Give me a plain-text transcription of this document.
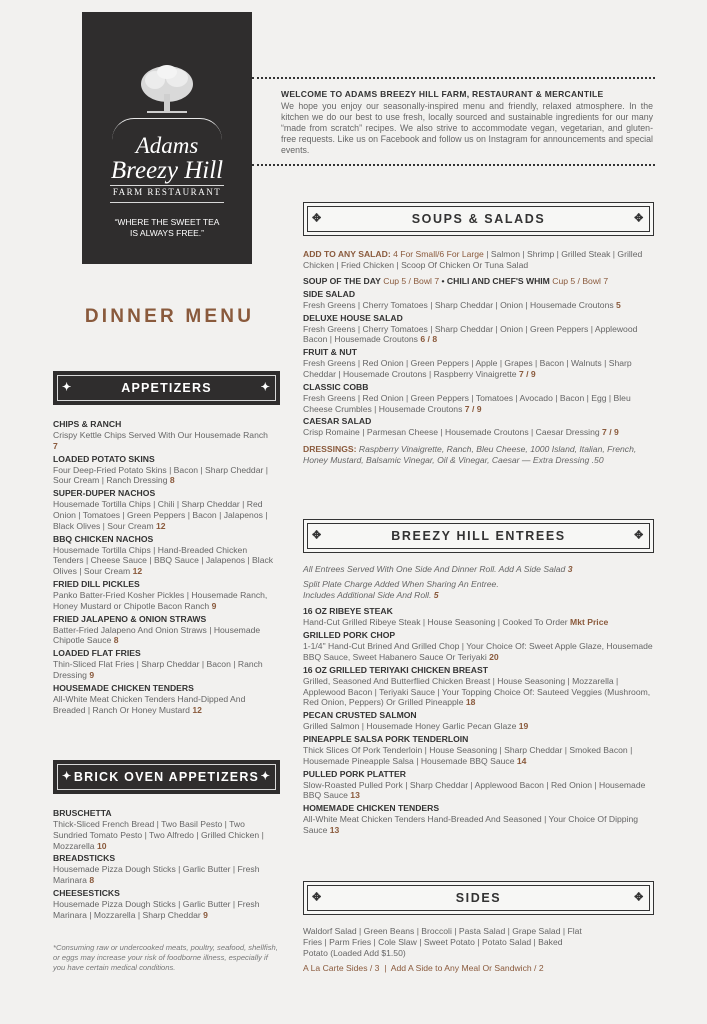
Adams
Breezy Hill
FARM RESTAURANT
“WHERE THE SWEET TEA
IS ALWAYS FREE.”
WELCOME TO ADAMS BREEZY HILL FARM, RESTAURANT & MERCANTILE
We hope you enjoy our seasonally-inspired menu and friendly, relaxed atmosphere. In the kitchen we do our best to use fresh, locally sourced and sustainable ingredients for our many “made from scratch” recipes. We also strive to accommodate vegan, vegetarian, and gluten-free requests. Like us on Facebook and follow us on Instagram for announcements and special events.
DINNER MENU
✦	APPETIZERS	✦
CHIPS & RANCH
Crispy Kettle Chips Served With Our Housemade Ranch 7
LOADED POTATO SKINS
Four Deep-Fried Potato Skins | Bacon | Sharp Cheddar | Sour Cream | Ranch Dressing 8
SUPER-DUPER NACHOS
Housemade Tortilla Chips | Chili | Sharp Cheddar | Red Onion | Tomatoes | Green Peppers | Bacon | Jalapenos | Black Olives | Sour Cream 12
BBQ CHICKEN NACHOS
Housemade Tortilla Chips | Hand-Breaded Chicken Tenders | Cheese Sauce | BBQ Sauce | Jalapenos | Black Olives | Sour Cream 12
FRIED DILL PICKLES
Panko Batter-Fried Kosher Pickles | Housemade Ranch, Honey Mustard or Chipotle Bacon Ranch 9
FRIED JALAPENO & ONION STRAWS
Batter-Fried Jalapeno And Onion Straws | Housemade Chipotle Sauce 8
LOADED FLAT FRIES
Thin-Sliced Flat Fries | Sharp Cheddar | Bacon | Ranch Dressing 9
HOUSEMADE CHICKEN TENDERS
All-White Meat Chicken Tenders Hand-Dipped And Breaded | Ranch Or Honey Mustard 12
✦ BRICK OVEN APPETIZERS ✦
BRUSCHETTA
Thick-Sliced French Bread | Two Basil Pesto | Two Sundried Tomato Pesto | Two Alfredo | Grilled Chicken | Mozzarella 10
BREADSTICKS
Housemade Pizza Dough Sticks | Garlic Butter | Fresh Marinara 8
CHEESESTICKS
Housemade Pizza Dough Sticks | Garlic Butter | Fresh Marinara | Mozzarella | Sharp Cheddar 9
*Consuming raw or undercooked meats, poultry, seafood, shellfish, or eggs may increase your risk of foodborne illness, especially if you have certain medical conditions.
✥	SOUPS & SALADS	✥
ADD TO ANY SALAD: 4 For Small/6 For Large | Salmon | Shrimp | Grilled Steak | Grilled Chicken | Fried Chicken | Scoop Of Chicken Or Tuna Salad
SOUP OF THE DAY Cup 5 / Bowl 7 • CHILI AND CHEF'S WHIM Cup 5 / Bowl 7
SIDE SALAD
Fresh Greens | Cherry Tomatoes | Sharp Cheddar | Onion | Housemade Croutons 5
DELUXE HOUSE SALAD
Fresh Greens | Cherry Tomatoes | Sharp Cheddar | Onion | Green Peppers | Applewood Bacon | Housemade Croutons 6 / 8
FRUIT & NUT
Fresh Greens | Red Onion | Green Peppers | Apple | Grapes | Bacon | Walnuts | Sharp Cheddar | Housemade Croutons | Raspberry Vinaigrette 7 / 9
CLASSIC COBB
Fresh Greens | Red Onion | Green Peppers | Tomatoes | Avocado | Bacon | Egg | Bleu Cheese Crumbles | Housemade Croutons 7 / 9
CAESAR SALAD
Crisp Romaine | Parmesan Cheese | Housemade Croutons | Caesar Dressing 7 / 9
DRESSINGS: Raspberry Vinaigrette, Ranch, Bleu Cheese, 1000 Island, Italian, French, Honey Mustard, Balsamic Vinegar, Oil & Vinegar, Caesar — Extra Dressing .50
✥	BREEZY HILL ENTREES	✥
All Entrees Served With One Side And Dinner Roll. Add A Side Salad 3
Split Plate Charge Added When Sharing An Entree. Includes Additional Side And Roll. 5
16 OZ RIBEYE STEAK
Hand-Cut Grilled Ribeye Steak | House Seasoning | Cooked To Order Mkt Price
GRILLED PORK CHOP
1-1/4" Hand-Cut Brined And Grilled Chop | Your Choice Of: Sweet Apple Glaze, Housemade BBQ Sauce, Sweet Habanero Sauce Or Teriyaki 20
16 OZ GRILLED TERIYAKI CHICKEN BREAST
Grilled, Seasoned And Butterflied Chicken Breast | House Seasoning | Mozzarella | Applewood Bacon | Teriyaki Sauce | Your Topping Choice Of: Sauteed Veggies (Mushroom, Red Onion, Peppers) Or Grilled Pineapple 18
PECAN CRUSTED SALMON
Grilled Salmon | Housemade Honey Garlic Pecan Glaze 19
PINEAPPLE SALSA PORK TENDERLOIN
Thick Slices Of Pork Tenderloin | House Seasoning | Sharp Cheddar | Smoked Bacon | Housemade Pineapple Salsa | Housemade BBQ Sauce 14
PULLED PORK PLATTER
Slow-Roasted Pulled Pork | Sharp Cheddar | Applewood Bacon | Red Onion | Housemade BBQ Sauce 13
HOMEMADE CHICKEN TENDERS
All-White Meat Chicken Tenders Hand-Breaded And Seasoned | Your Choice Of Dipping Sauce 13
✥	SIDES	✥
Waldorf Salad | Green Beans | Broccoli | Pasta Salad | Grape Salad | Flat Fries | Parm Fries | Cole Slaw | Sweet Potato | Potato Salad | Baked Potato (Loaded Add $1.50)
A La Carte Sides / 3  |  Add A Side to Any Meal Or Sandwich / 2
